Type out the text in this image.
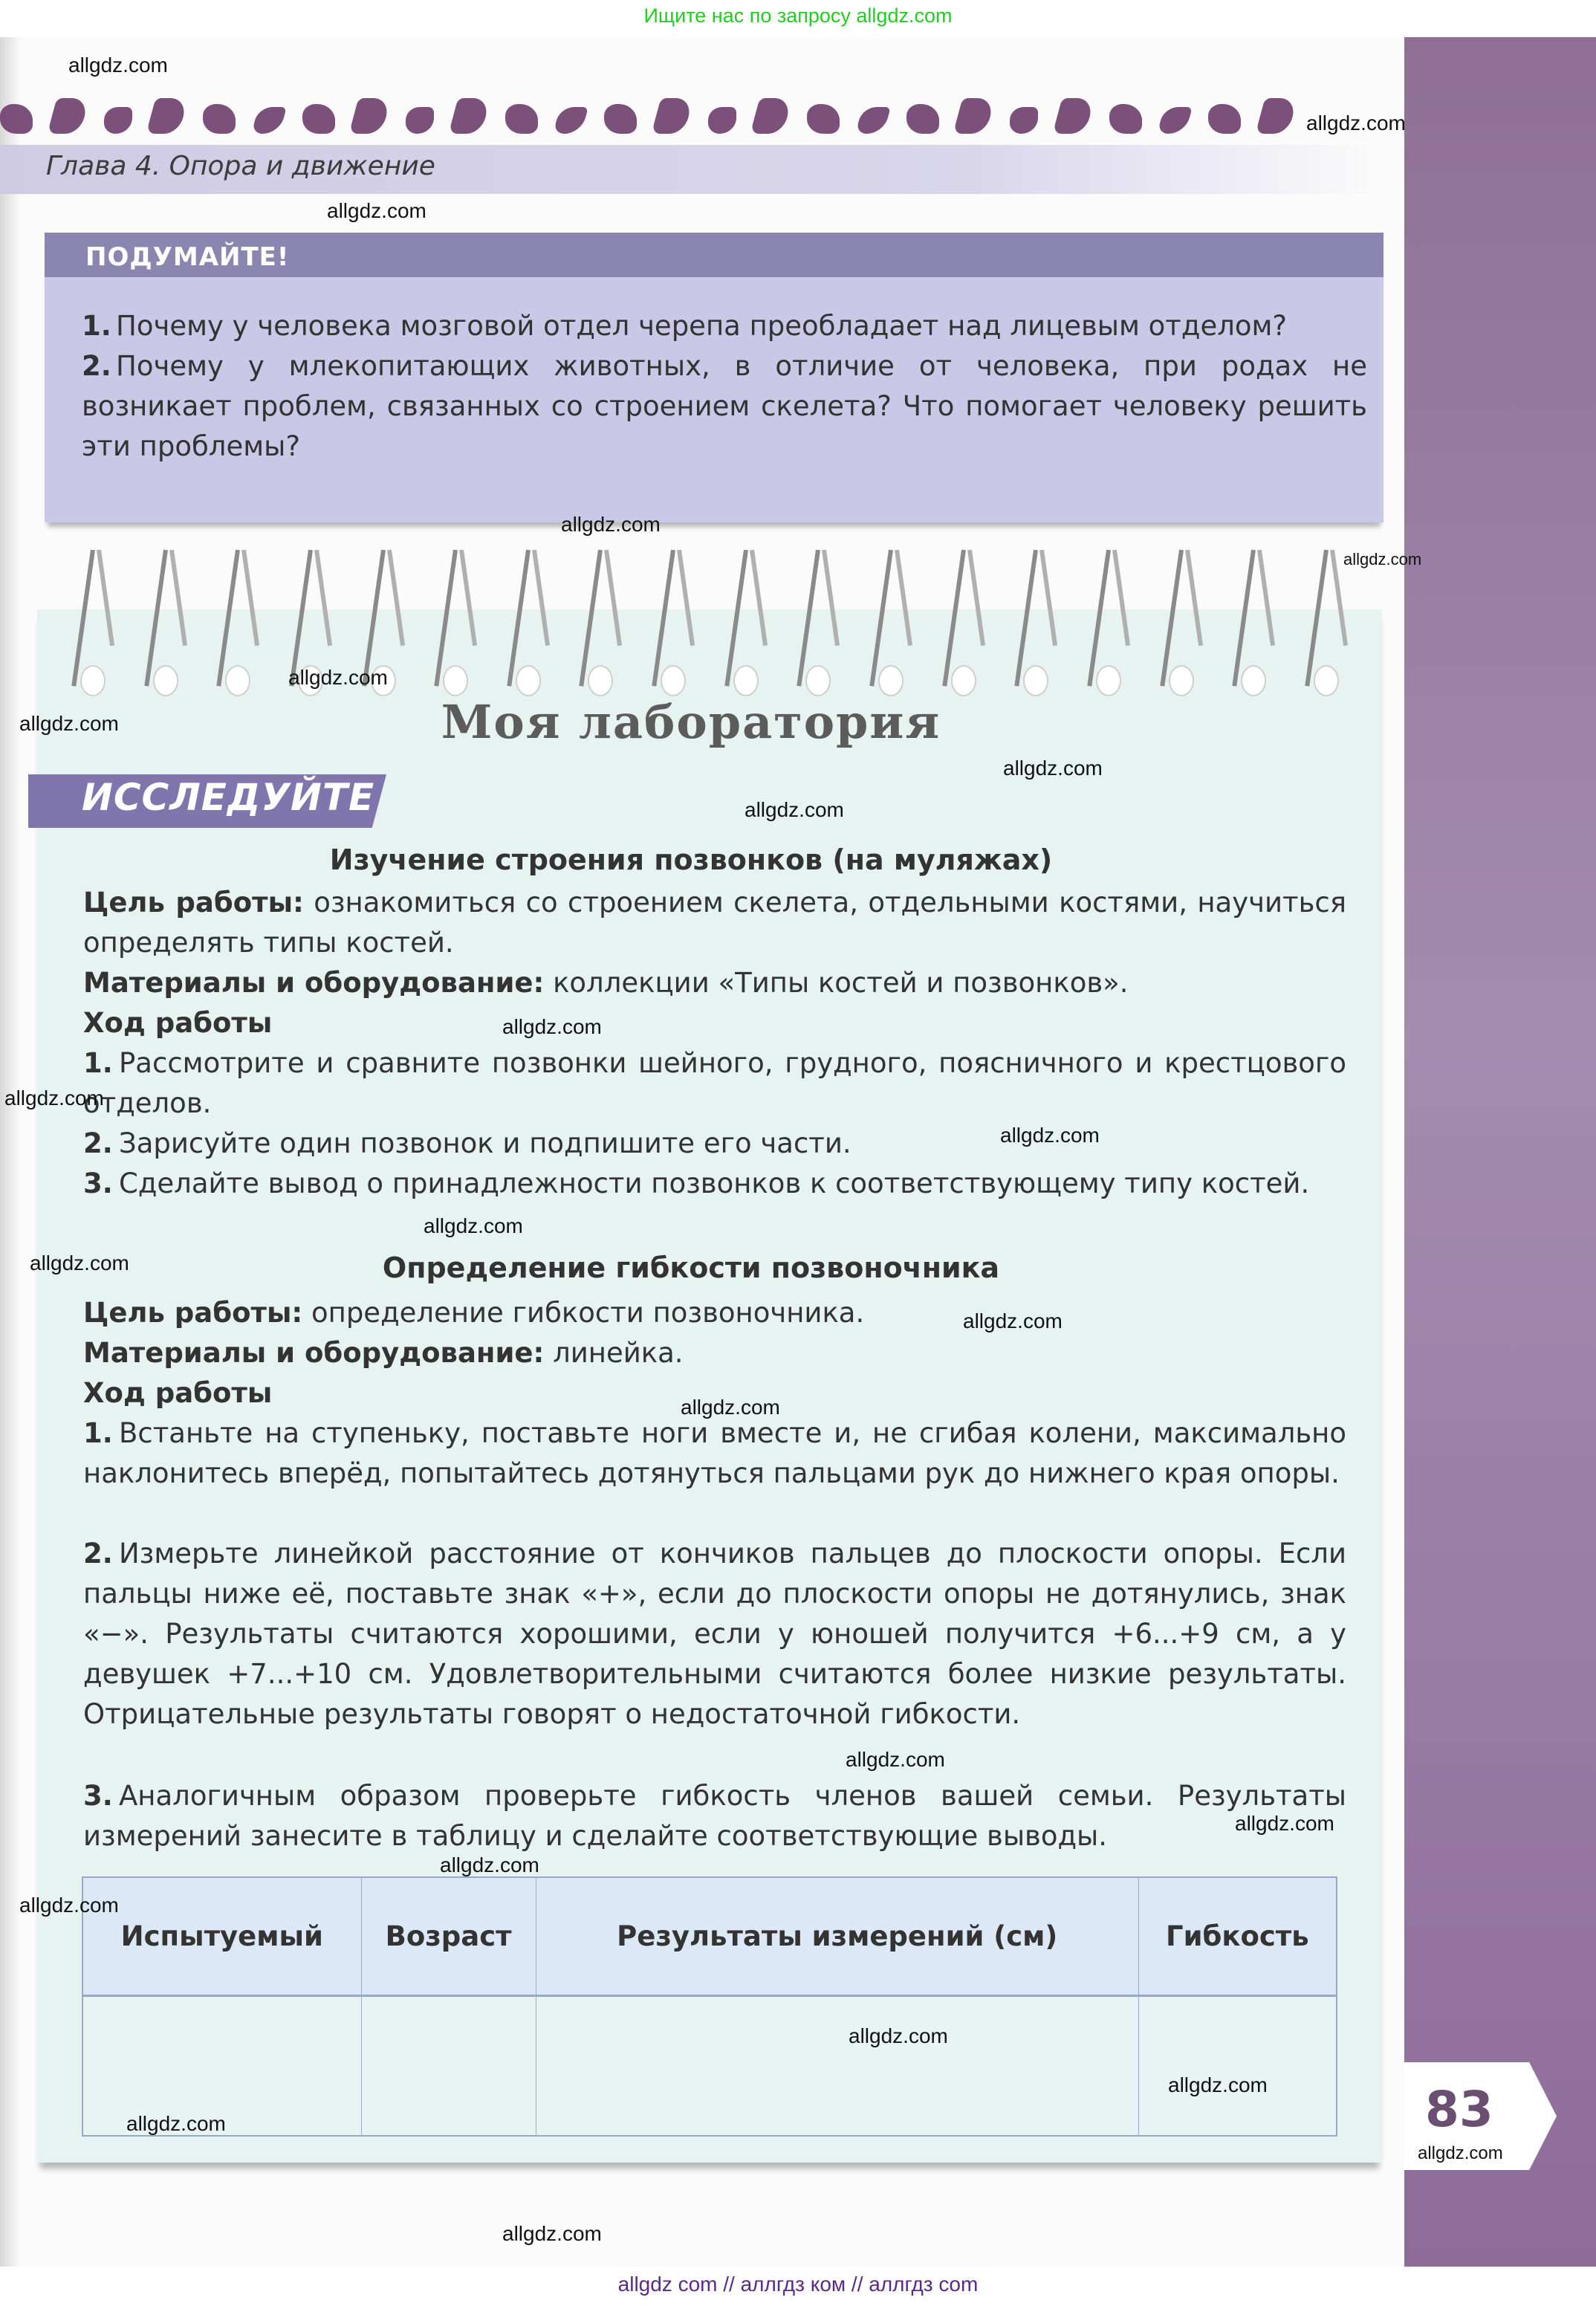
Ищите нас по запросу allgdz.com
Глава 4. Опора и движение
ПОДУМАЙТЕ!
1. Почему у человека мозговой отдел черепа преобладает над лицевым отделом?
2. Почему у млекопитающих животных, в отличие от человека, при родах не возникает проблем, связанных со строением скелета? Что помогает человеку решить эти проблемы?
Моя лаборатория
ИССЛЕДУЙТЕ
Изучение строения позвонков (на муляжах)
Цель работы: ознакомиться со строением скелета, отдельными костями, научиться определять типы костей.
Материалы и оборудование: коллекции «Типы костей и позвонков».
Ход работы
1. Рассмотрите и сравните позвонки шейного, грудного, поясничного и крестцового отделов.
2. Зарисуйте один позвонок и подпишите его части.
3. Сделайте вывод о принадлежности позвонков к соответствующему типу костей.
Определение гибкости позвоночника
Цель работы: определение гибкости позвоночника.
Материалы и оборудование: линейка.
Ход работы
1. Встаньте на ступеньку, поставьте ноги вместе и, не сгибая колени, максимально наклонитесь вперёд, попытайтесь дотянуться пальцами рук до нижнего края опоры.
2. Измерьте линейкой расстояние от кончиков пальцев до плоскости опоры. Если пальцы ниже её, поставьте знак «+», если до плоскости опоры не дотянулись, знак «−». Результаты считаются хорошими, если у юношей получится +6...+9 см, а у девушек +7...+10 см. Удовлетворительными считаются более низкие результаты. Отрицательные результаты говорят о недостаточной гибкости.
3. Аналогичным образом проверьте гибкость членов вашей семьи. Результаты измерений занесите в таблицу и сделайте соответствующие выводы.
Испытуемый	Возраст	Результаты измерений (см)	Гибкость

83
allgdz.com
allgdz.com
allgdz.com
allgdz.com
allgdz.com
allgdz.com
allgdz.com
allgdz.com
allgdz.com
allgdz.com
allgdz.com
allgdz.com
allgdz.com
allgdz.com
allgdz.com
allgdz.com
allgdz.com
allgdz.com
allgdz.com
allgdz.com
allgdz.com
allgdz.com
allgdz.com
allgdz.com
allgdz.com
allgdz com // аллгдз ком // аллгдз com
